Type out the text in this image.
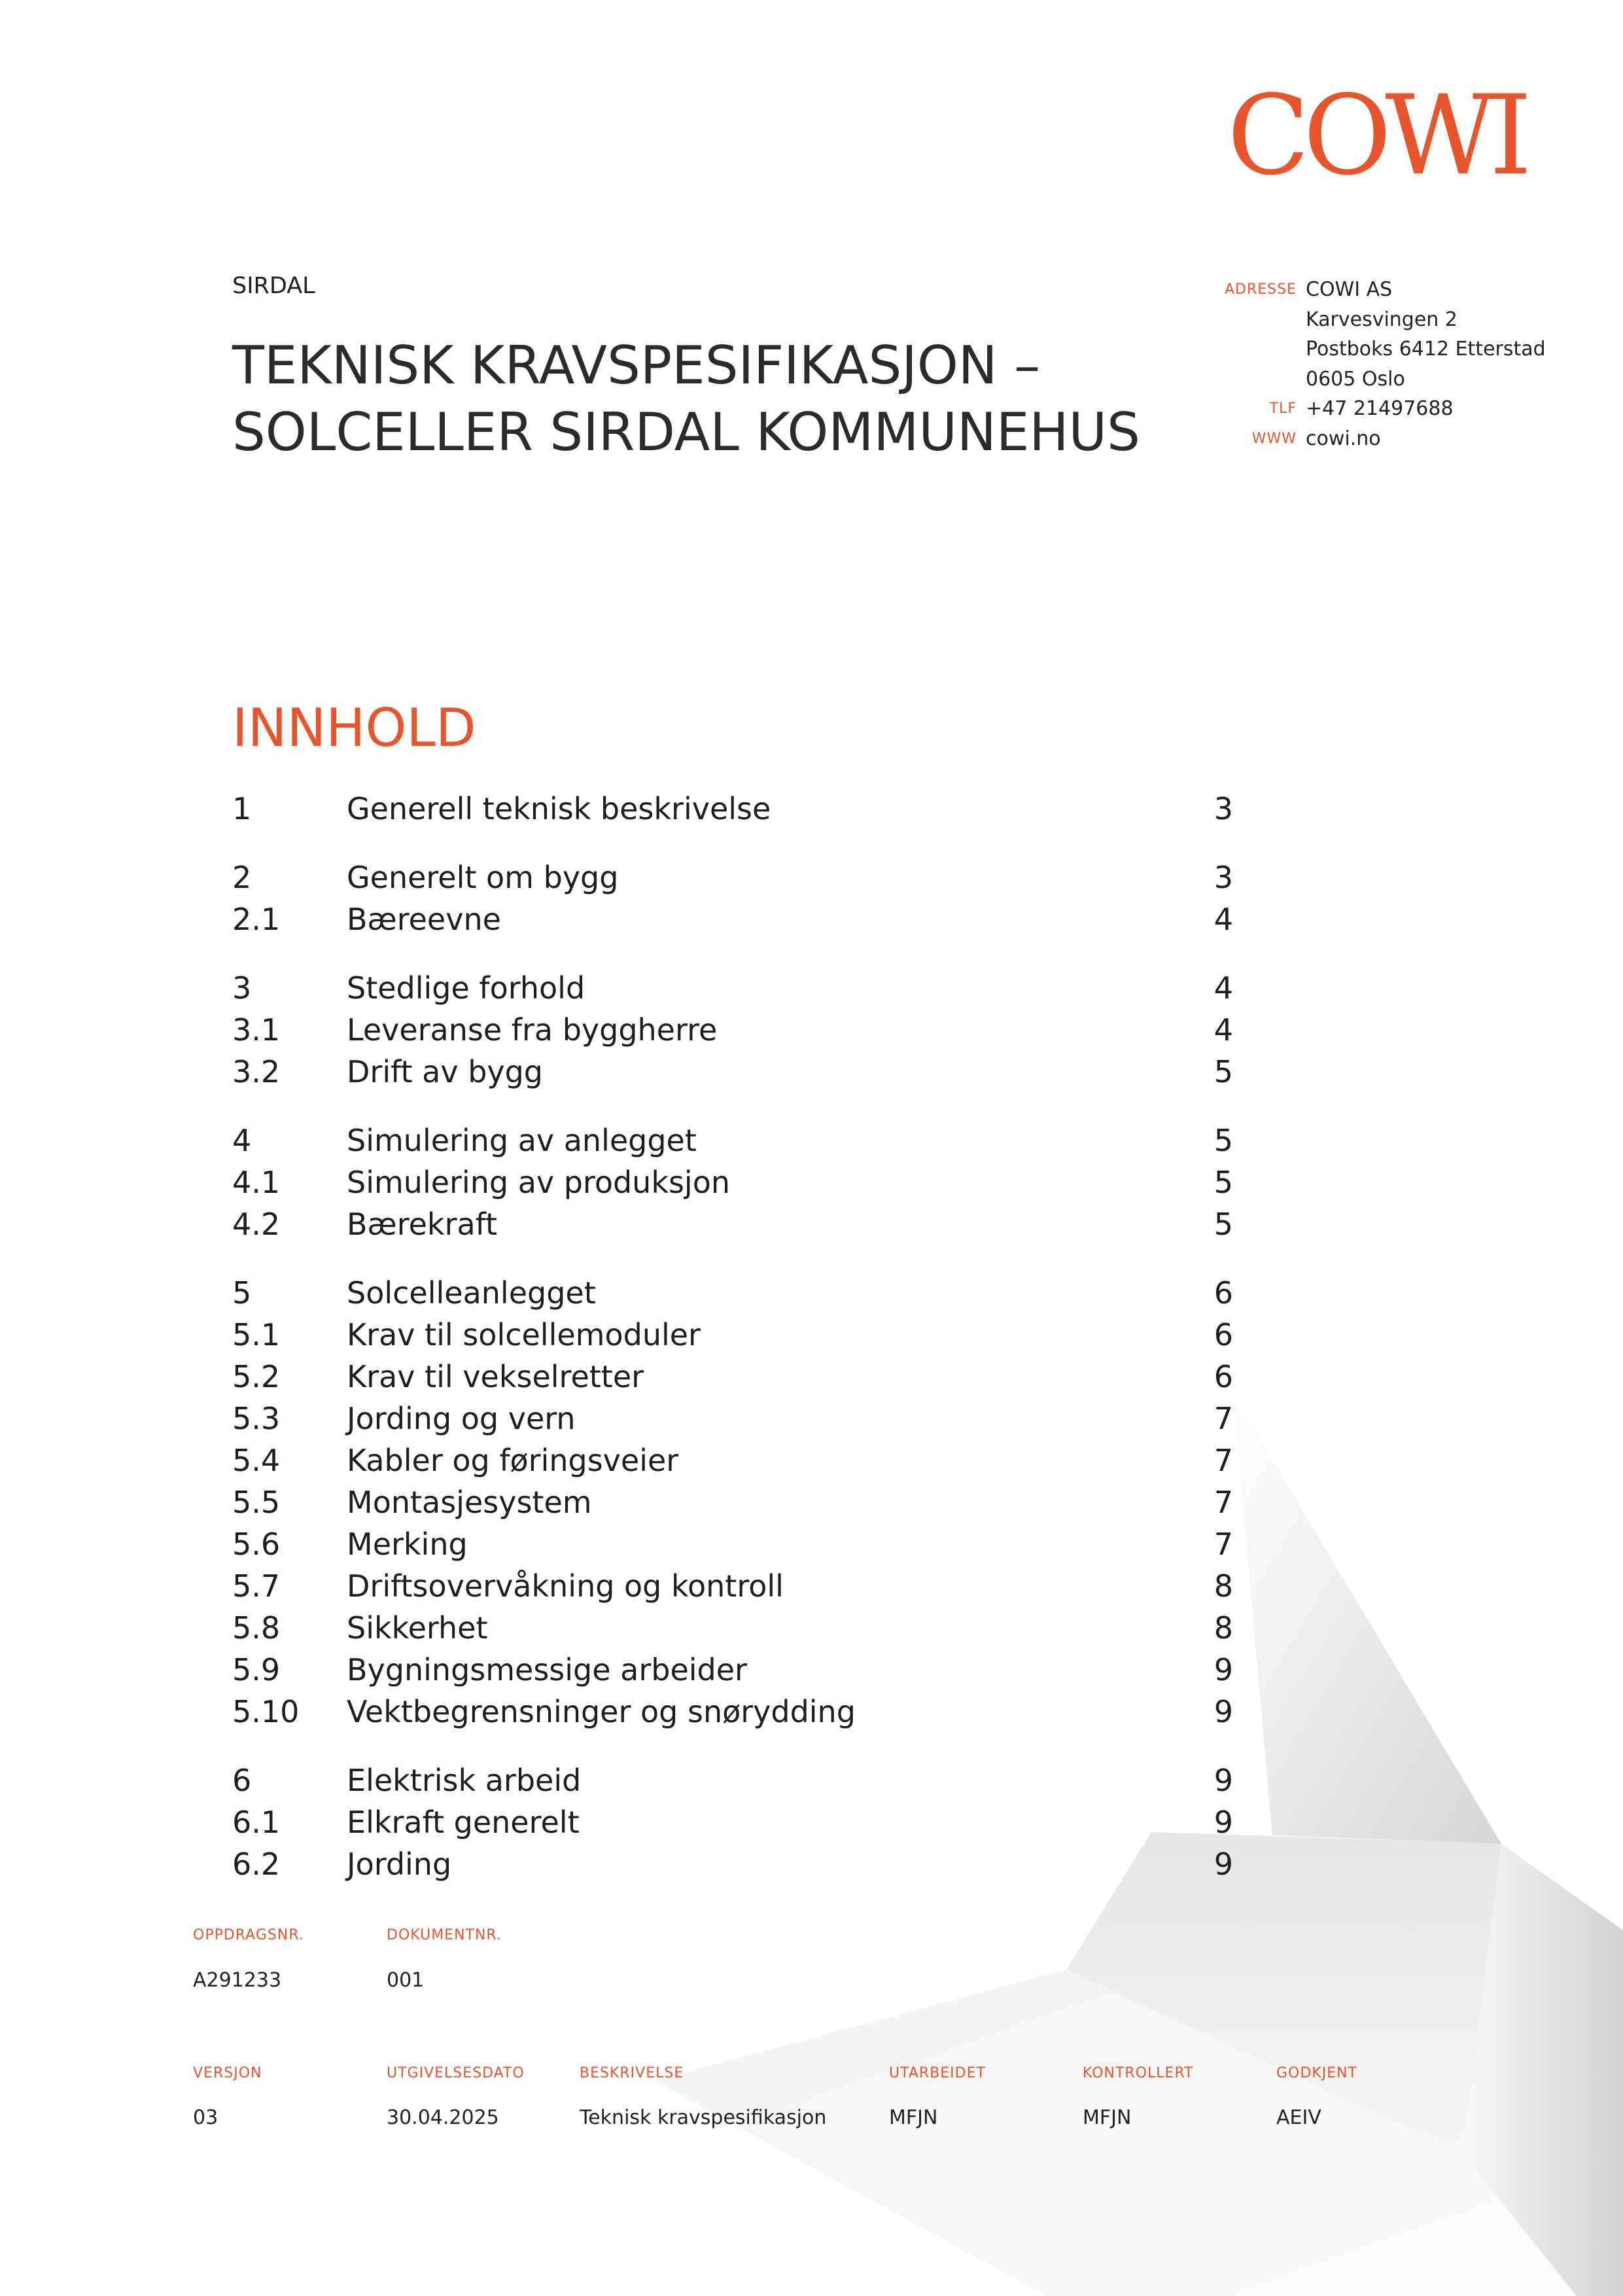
COWI
SIRDAL
TEKNISK KRAVSPESIFIKASJON – SOLCELLER SIRDAL KOMMUNEHUS
ADRESSE COWI AS
Karvesvingen 2
Postboks 6412 Etterstad
0605 Oslo
TLF +47 21497688
WWW cowi.no
INNHOLD
1	Generell teknisk beskrivelse	3
2	Generelt om bygg	3
2.1 Bæreevne	4
3	Stedlige forhold	4
3.1 Leveranse fra byggherre	4
3.2 Drift av bygg	5
4	Simulering av anlegget	5
4.1 Simulering av produksjon	5
4.2 Bærekraft	5
5	Solcelleanlegget	6
5.1 Krav til solcellemoduler	6
5.2 Krav til vekselretter	6
5.3 Jording og vern	7
5.4 Kabler og føringsveier	7
5.5 Montasjesystem	7
5.6 Merking	7
5.7 Driftsovervåkning og kontroll	8
5.8 Sikkerhet	8
5.9 Bygningsmessige arbeider	9
5.10 Vektbegrensninger og snørydding	9
6	Elektrisk arbeid	9
6.1 Elkraft generelt	9
6.2 Jording	9
OPPDRAGSNR.
A291233
DOKUMENTNR.
001
VERSJON
03
UTGIVELSESDATO
30.04.2025
BESKRIVELSE
Teknisk kravspesifikasjon
UTARBEIDET
MFJN
KONTROLLERT
MFJN
GODKJENT
AEIV
